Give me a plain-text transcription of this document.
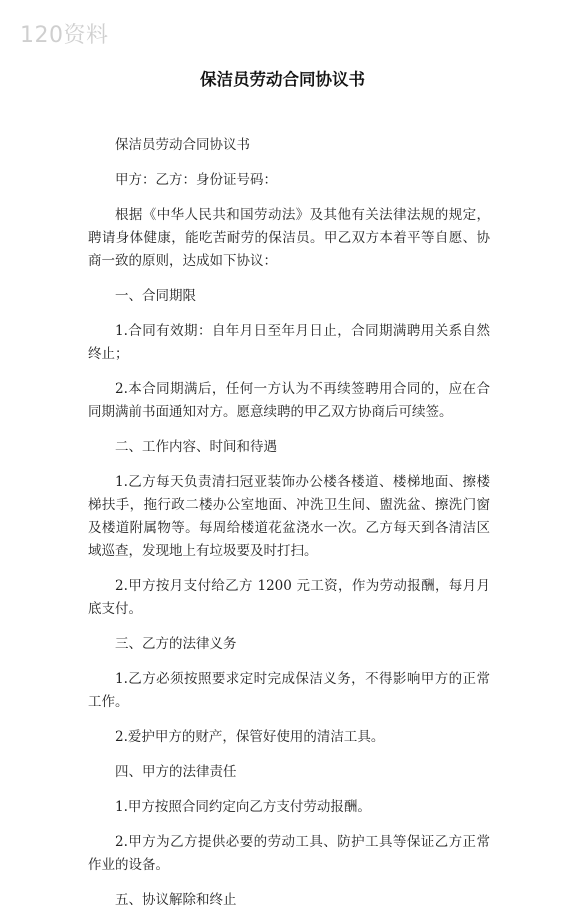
120资料
保洁员劳动合同协议书

保洁员劳动合同协议书

甲方：乙方：身份证号码：

根据《中华人民共和国劳动法》及其他有关法律法规的规定，聘请身体健康，能吃苦耐劳的保洁员。甲乙双方本着平等自愿、协商一致的原则，达成如下协议：

一、合同期限

1.合同有效期：自年月日至年月日止，合同期满聘用关系自然终止；

2.本合同期满后，任何一方认为不再续签聘用合同的，应在合同期满前书面通知对方。愿意续聘的甲乙双方协商后可续签。

二、工作内容、时间和待遇

1.乙方每天负责清扫冠亚装饰办公楼各楼道、楼梯地面、擦楼梯扶手，拖行政二楼办公室地面、冲洗卫生间、盥洗盆、擦洗门窗及楼道附属物等。每周给楼道花盆浇水一次。乙方每天到各清洁区域巡查，发现地上有垃圾要及时打扫。

2.甲方按月支付给乙方 1200 元工资，作为劳动报酬，每月月底支付。

三、乙方的法律义务

1.乙方必须按照要求定时完成保洁义务，不得影响甲方的正常工作。

2.爱护甲方的财产，保管好使用的清洁工具。

四、甲方的法律责任

1.甲方按照合同约定向乙方支付劳动报酬。

2.甲方为乙方提供必要的劳动工具、防护工具等保证乙方正常作业的设备。

五、协议解除和终止
